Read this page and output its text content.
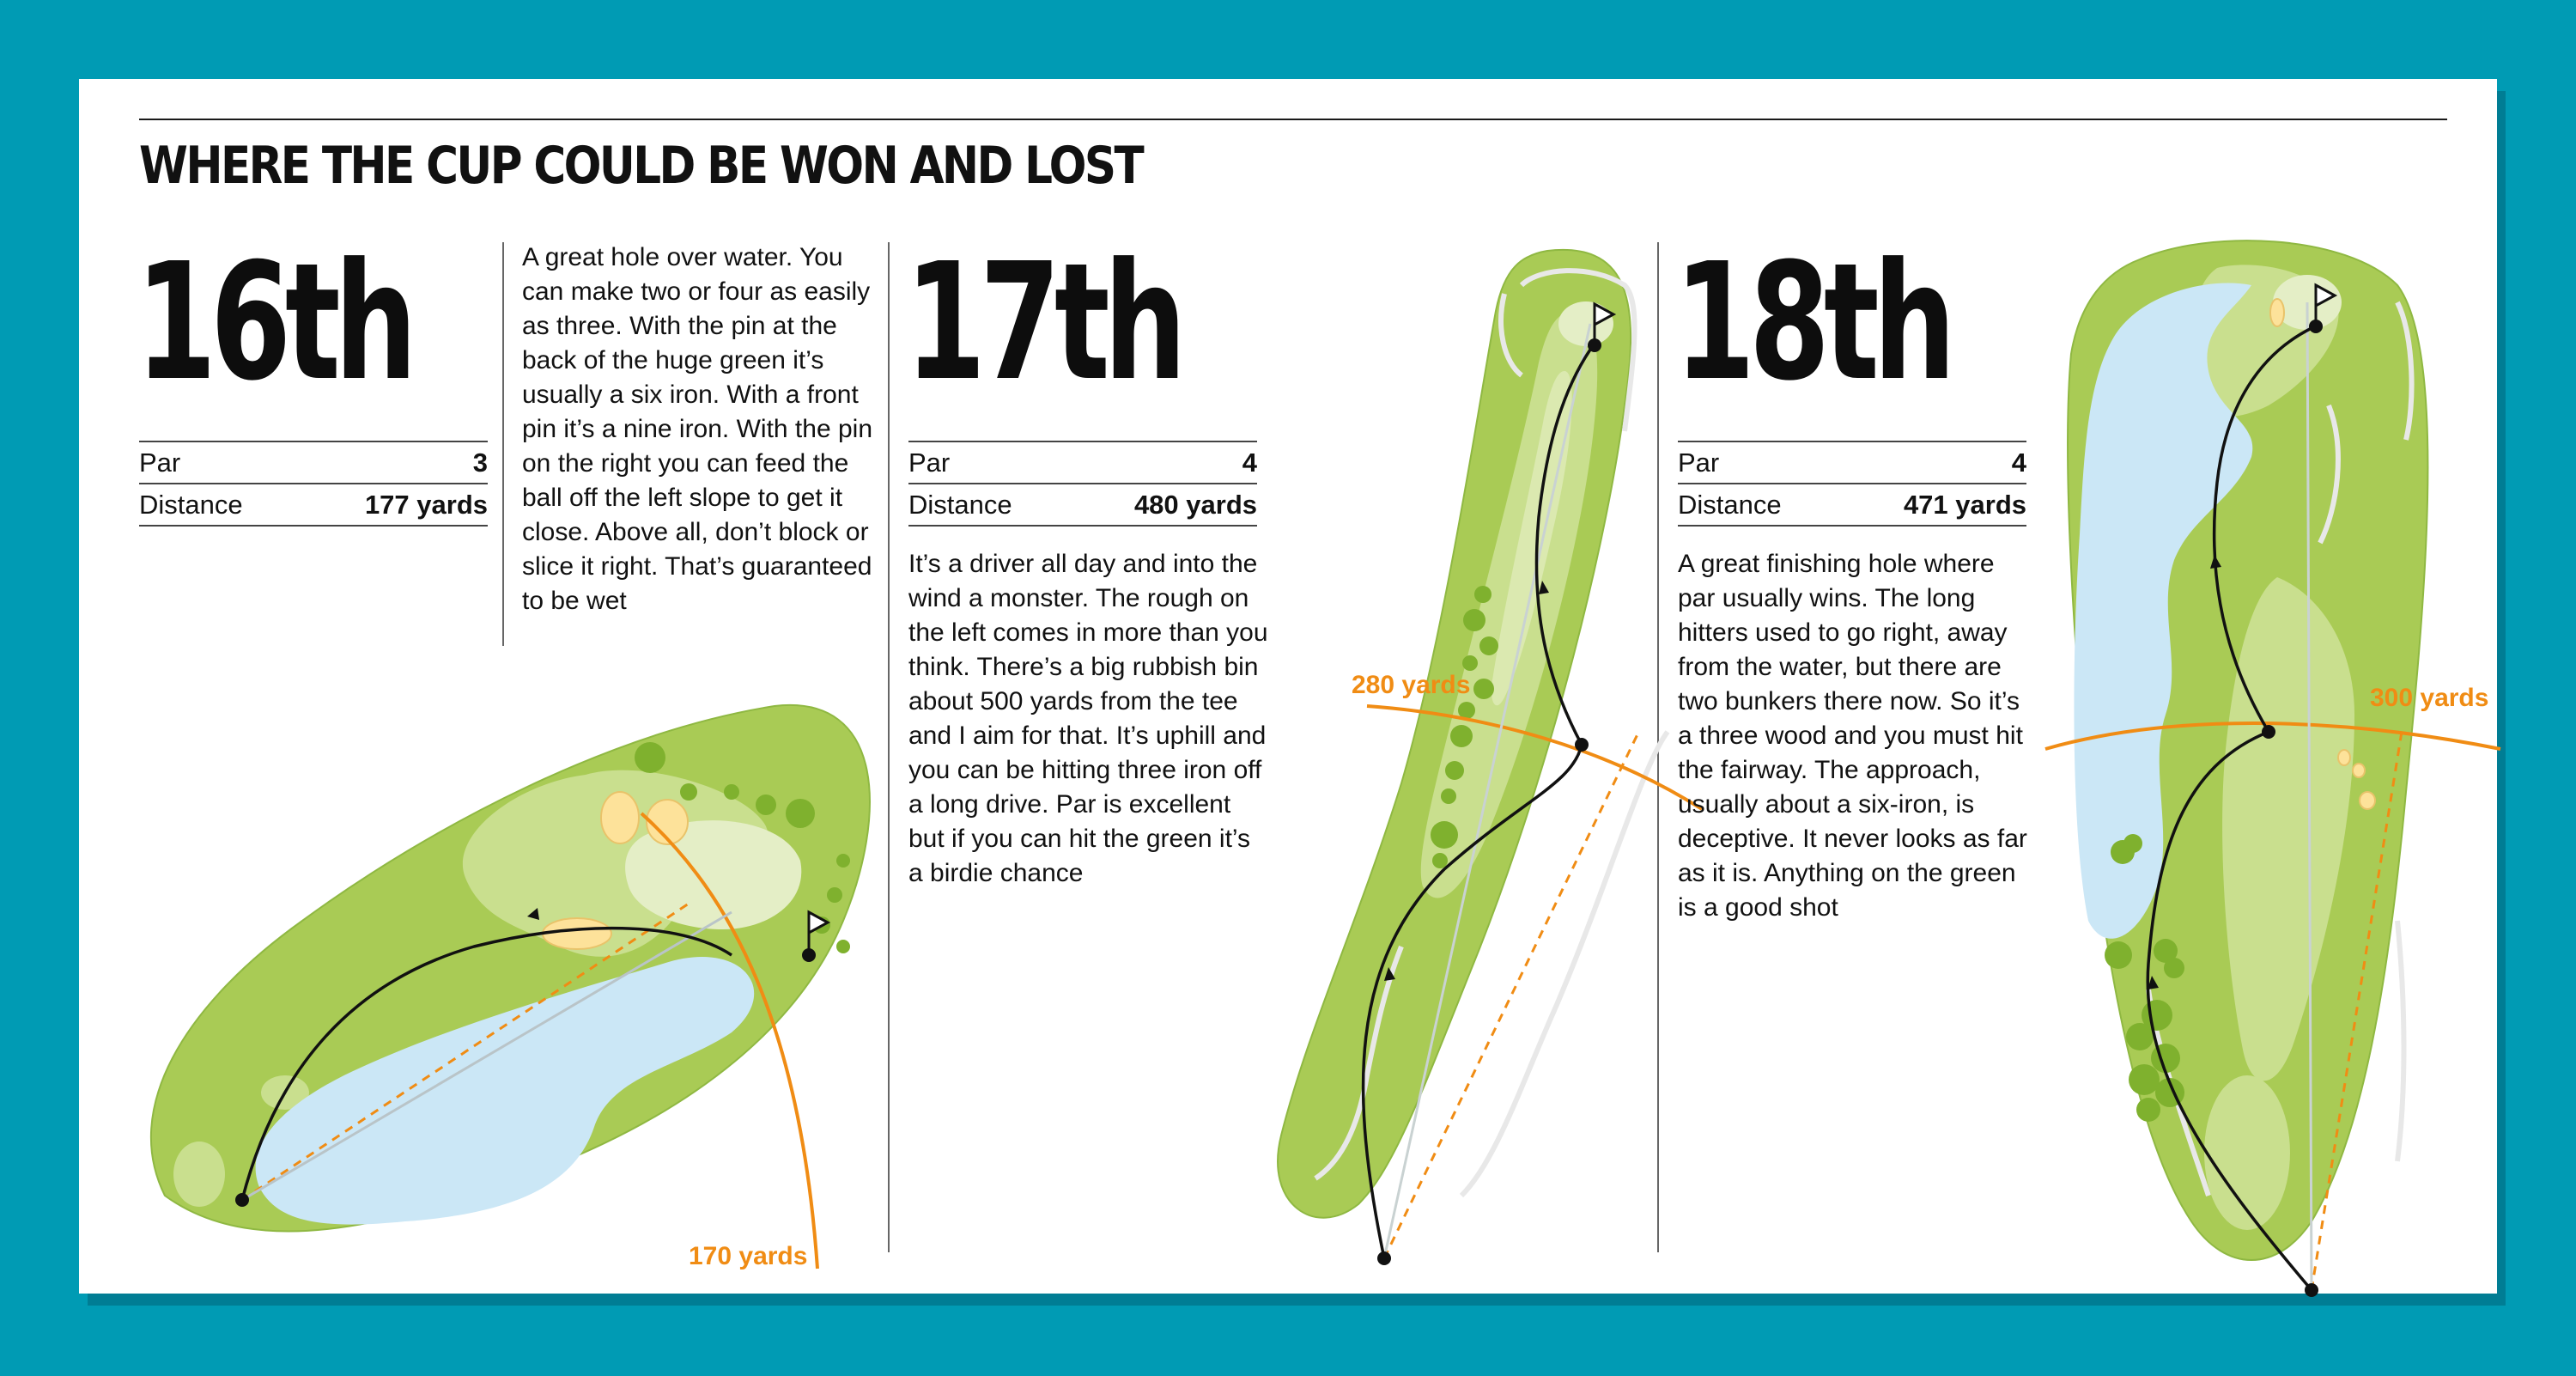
WHERE THE CUP COULD BE WON AND LOST
16th
Par	3
Distance	177 yards

A great hole over water. You can make two or four as easily as three. With the pin at the back of the huge green it’s usually a six iron. With a front pin it’s a nine iron. With the pin on the right you can feed the ball off the left slope to get it close. Above all, don’t block or slice it right. That’s guaranteed to be wet

170 yards
17th
Par	4
Distance	480 yards

It’s a driver all day and into the wind a monster. The rough on the left comes in more than you think. There’s a big rubbish bin about 500 yards from the tee and I aim for that. It’s uphill and you can be hitting three iron off a long drive. Par is excellent but if you can hit the green it’s a birdie chance

280 yards
18th
Par	4
Distance	471 yards

A great finishing hole where par usually wins. The long hitters used to go right, away from the water, but there are two bunkers there now. So it’s a three wood and you must hit the fairway. The approach, usually about a six-iron, is deceptive. It never looks as far as it is. Anything on the green is a good shot

300 yards
